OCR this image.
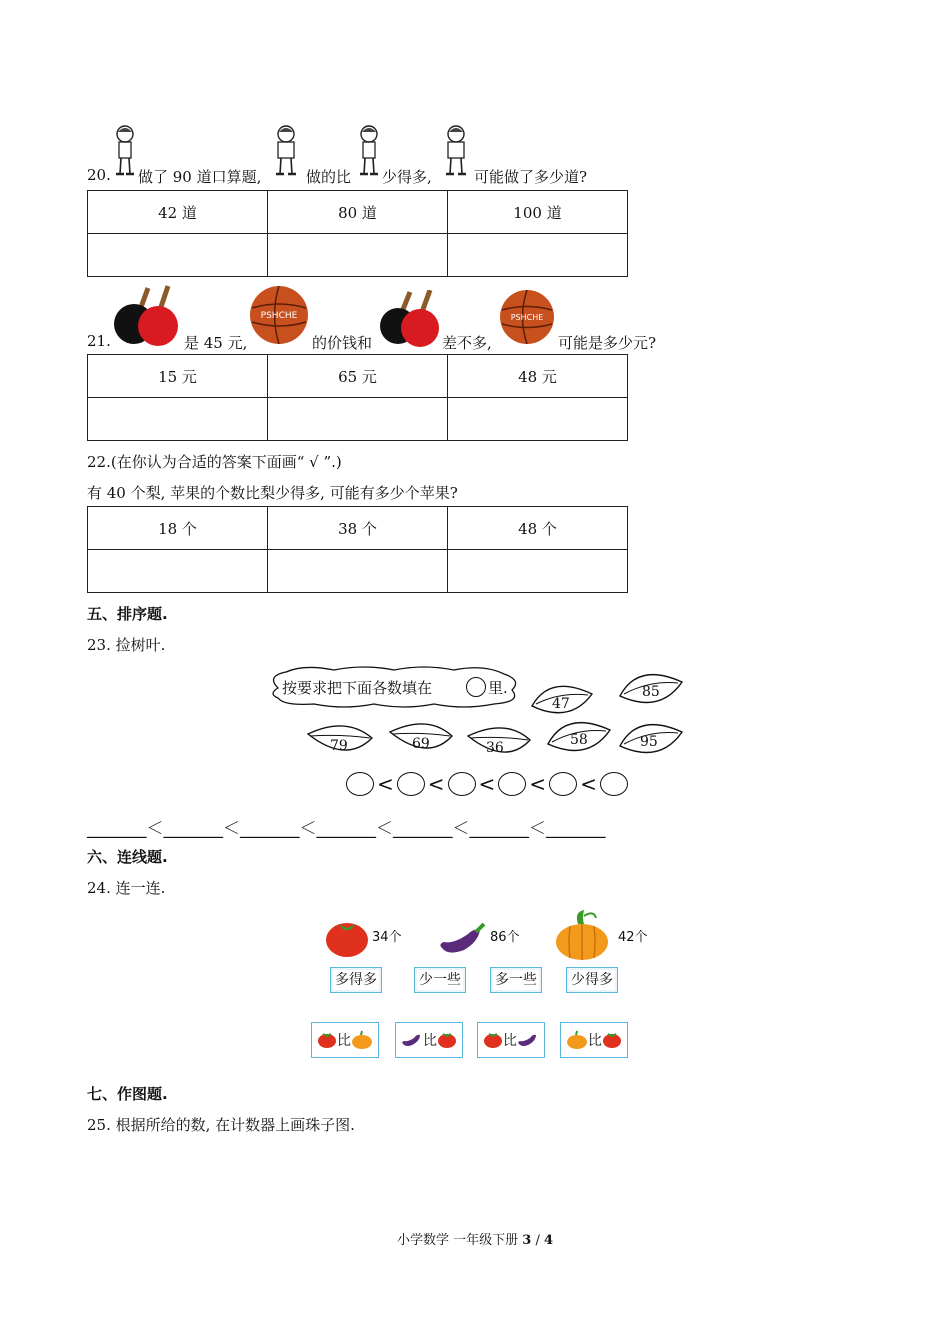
20. 做了 90 道口算题,	做的比 少得多,	可能做了多少道?
42 道	80 道	100 道

PSHCHE	PSHCHE
21.	是 45 元,	的价钱和	差不多,	可能是多少元?
15 元	65 元	48 元

22.(在你认为合适的答案下面画“ √ ”.)
有 40 个梨, 苹果的个数比梨少得多, 可能有多少个苹果?
18 个	38 个	48 个

五、排序题.
23. 捡树叶.
按要求把下面各数填在	里.
47
85
79	69	36	58	95
< < < < <
_______＜_______＜_______＜_______＜_______＜_______＜_______
六、连线题.
24. 连一连.
34个	86个	42个
多得多	少一些	多一些	少得多
比	比	比	比
七、作图题.
25. 根据所给的数, 在计数器上画珠子图.
小学数学 一年级下册 3 / 4
